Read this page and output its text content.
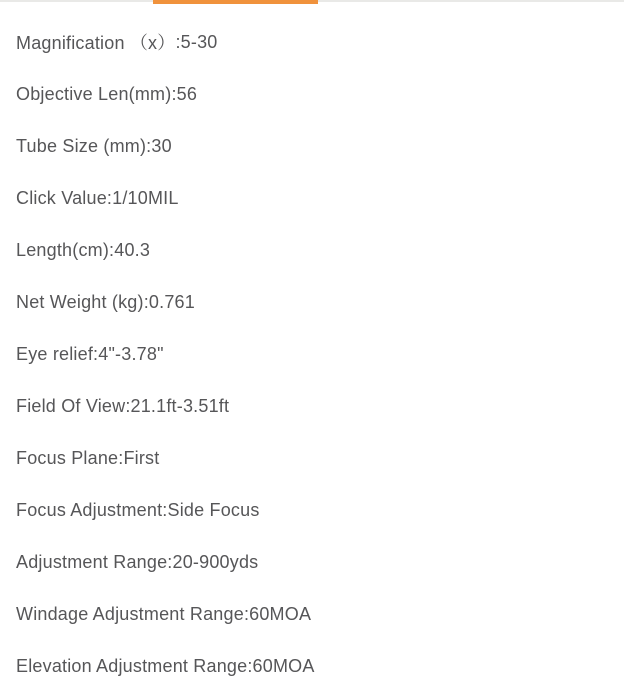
Magnification （x） : 5-30
Objective Len(mm) : 56
Tube Size (mm) : 30
Click Value : 1/10MIL
Length(cm) : 40.3
Net Weight (kg) : 0.761
Eye relief : 4"-3.78"
Field Of View : 21.1ft-3.51ft
Focus Plane : First
Focus Adjustment : Side Focus
Adjustment Range : 20-900yds
Windage Adjustment Range : 60MOA
Elevation Adjustment Range : 60MOA
